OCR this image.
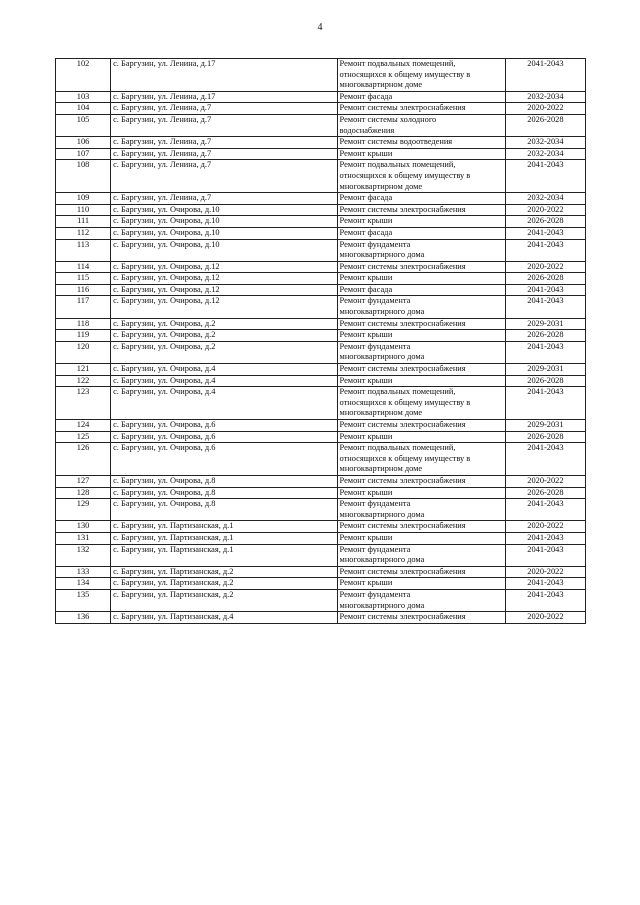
4
102	с. Баргузин, ул. Ленина, д.17	Ремонт подвальных помещений,
относящихся к общему имуществу в
многоквартирном доме	2041-2043
103	с. Баргузин, ул. Ленина, д.17	Ремонт фасада	2032-2034
104	с. Баргузин, ул. Ленина, д.7	Ремонт системы электроснабжения	2020-2022
105	с. Баргузин, ул. Ленина, д.7	Ремонт системы холодного
водоснабжения	2026-2028
106	с. Баргузин, ул. Ленина, д.7	Ремонт системы водоотведения	2032-2034
107	с. Баргузин, ул. Ленина, д.7	Ремонт крыши	2032-2034
108	с. Баргузин, ул. Ленина, д.7	Ремонт подвальных помещений,
относящихся к общему имуществу в
многоквартирном доме	2041-2043
109	с. Баргузин, ул. Ленина, д.7	Ремонт фасада	2032-2034
110	с. Баргузин, ул. Очирова, д.10	Ремонт системы электроснабжения	2020-2022
111	с. Баргузин, ул. Очирова, д.10	Ремонт крыши	2026-2028
112	с. Баргузин, ул. Очирова, д.10	Ремонт фасада	2041-2043
113	с. Баргузин, ул. Очирова, д.10	Ремонт фундамента
многоквартирного дома	2041-2043
114	с. Баргузин, ул. Очирова, д.12	Ремонт системы электроснабжения	2020-2022
115	с. Баргузин, ул. Очирова, д.12	Ремонт крыши	2026-2028
116	с. Баргузин, ул. Очирова, д.12	Ремонт фасада	2041-2043
117	с. Баргузин, ул. Очирова, д.12	Ремонт фундамента
многоквартирного дома	2041-2043
118	с. Баргузин, ул. Очирова, д.2	Ремонт системы электроснабжения	2029-2031
119	с. Баргузин, ул. Очирова, д.2	Ремонт крыши	2026-2028
120	с. Баргузин, ул. Очирова, д.2	Ремонт фундамента
многоквартирного дома	2041-2043
121	с. Баргузин, ул. Очирова, д.4	Ремонт системы электроснабжения	2029-2031
122	с. Баргузин, ул. Очирова, д.4	Ремонт крыши	2026-2028
123	с. Баргузин, ул. Очирова, д.4	Ремонт подвальных помещений,
относящихся к общему имуществу в
многоквартирном доме	2041-2043
124	с. Баргузин, ул. Очирова, д.6	Ремонт системы электроснабжения	2029-2031
125	с. Баргузин, ул. Очирова, д.6	Ремонт крыши	2026-2028
126	с. Баргузин, ул. Очирова, д.6	Ремонт подвальных помещений,
относящихся к общему имуществу в
многоквартирном доме	2041-2043
127	с. Баргузин, ул. Очирова, д.8	Ремонт системы электроснабжения	2020-2022
128	с. Баргузин, ул. Очирова, д.8	Ремонт крыши	2026-2028
129	с. Баргузин, ул. Очирова, д.8	Ремонт фундамента
многоквартирного дома	2041-2043
130	с. Баргузин, ул. Партизанская, д.1	Ремонт системы электроснабжения	2020-2022
131	с. Баргузин, ул. Партизанская, д.1	Ремонт крыши	2041-2043
132	с. Баргузин, ул. Партизанская, д.1	Ремонт фундамента
многоквартирного дома	2041-2043
133	с. Баргузин, ул. Партизанская, д.2	Ремонт системы электроснабжения	2020-2022
134	с. Баргузин, ул. Партизанская, д.2	Ремонт крыши	2041-2043
135	с. Баргузин, ул. Партизанская, д.2	Ремонт фундамента
многоквартирного дома	2041-2043
136	с. Баргузин, ул. Партизанская, д.4	Ремонт системы электроснабжения	2020-2022
